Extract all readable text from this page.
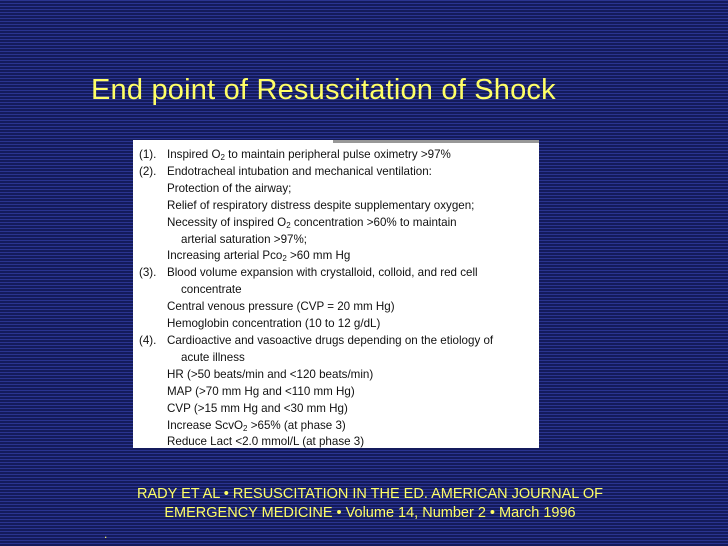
End point of Resuscitation of Shock
(1). Inspired $O_2$ to maintain peripheral pulse oximetry >97%
(2). Endotracheal intubation and mechanical ventilation:
Protection of the airway;
Relief of respiratory distress despite supplementary oxygen;
Necessity of inspired $O_2$ concentration >60% to maintain
arterial saturation >97%;
Increasing arterial Pco$_2$ >60 mm Hg
(3). Blood volume expansion with crystalloid, colloid, and red cell
concentrate
Central venous pressure (CVP = 20 mm Hg)
Hemoglobin concentration (10 to 12 g/dL)
(4). Cardioactive and vasoactive drugs depending on the etiology of
acute illness
HR (>50 beats/min and <120 beats/min)
MAP (>70 mm Hg and <110 mm Hg)
CVP (>15 mm Hg and <30 mm Hg)
Increase ScvO$_2$ >65% (at phase 3)
Reduce Lact <2.0 mmol/L (at phase 3)
RADY ET AL • RESUSCITATION IN THE ED. AMERICAN JOURNAL OF
EMERGENCY MEDICINE • Volume 14, Number 2 • March 1996
.
